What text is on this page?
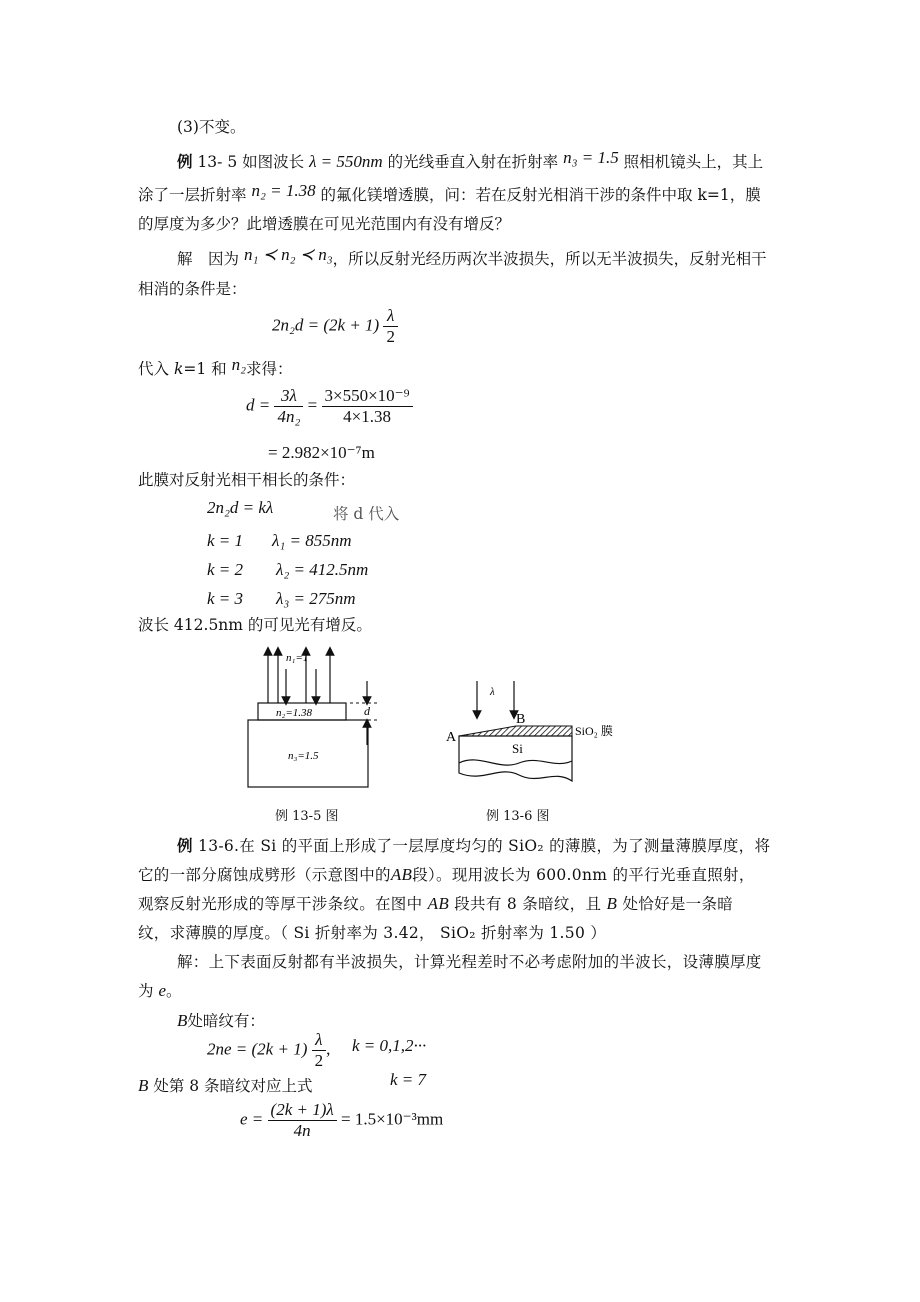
(3)不变。
例 13- 5 如图波长 λ = 550nm 的光线垂直入射在折射率 n₃ = 1.5 照相机镜头上，其上
涂了一层折射率 n₂ = 1.38 的氟化镁增透膜，问：若在反射光相消干涉的条件中取 k=1，膜
的厚度为多少？此增透膜在可见光范围内有没有增反？
解　因为 n₁ ≺ n₂ ≺ n₃，所以反射光经历两次半波损失，所以无半波损失，反射光相干
相消的条件是：
$2n_2d = (2k + 1) \frac{\lambda}{2}$
代入 k=1 和 n₂求得：
$d = \frac{3\lambda}{\text{4n₂}} = \frac{\text{3×550×10⁻⁹}}{4\times 1.38}$
= 2.982×10⁻⁷m
此膜对反射光相干相长的条件：
2n₂d = kλ	将 d 代入
k = 1 λ₁ = 855nm
k = 2 λ₂ = 412.5nm
k = 3 λ₃ = 275nm
波长 412.5nm 的可见光有增反。
n₁=1
n₂=1.38
n₃=1.5
d
例 13-5 图
λ
A
B
Si
SiO₂ 膜
例 13-6 图
例 13-6.在 Si 的平面上形成了一层厚度均匀的 SiO₂ 的薄膜，为了测量薄膜厚度，将
它的一部分腐蚀成劈形（示意图中的AB段）。现用波长为 600.0nm 的平行光垂直照射，
观察反射光形成的等厚干涉条纹。在图中 AB 段共有 8 条暗纹，且 B 处恰好是一条暗
纹，求薄膜的厚度。（ Si 折射率为 3.42， SiO₂ 折射率为 1.50 ）
解：上下表面反射都有半波损失，计算光程差时不必考虑附加的半波长，设薄膜厚度
为 e。
B处暗纹有：
$2ne = (2k + 1) \frac{\lambda}{2}$ , k = 0,1,2···
B 处第 8 条暗纹对应上式	k = 7
$e = \frac{(2k + 1)\lambda}{4n} = 1.5\times 10^{-3}mm$
